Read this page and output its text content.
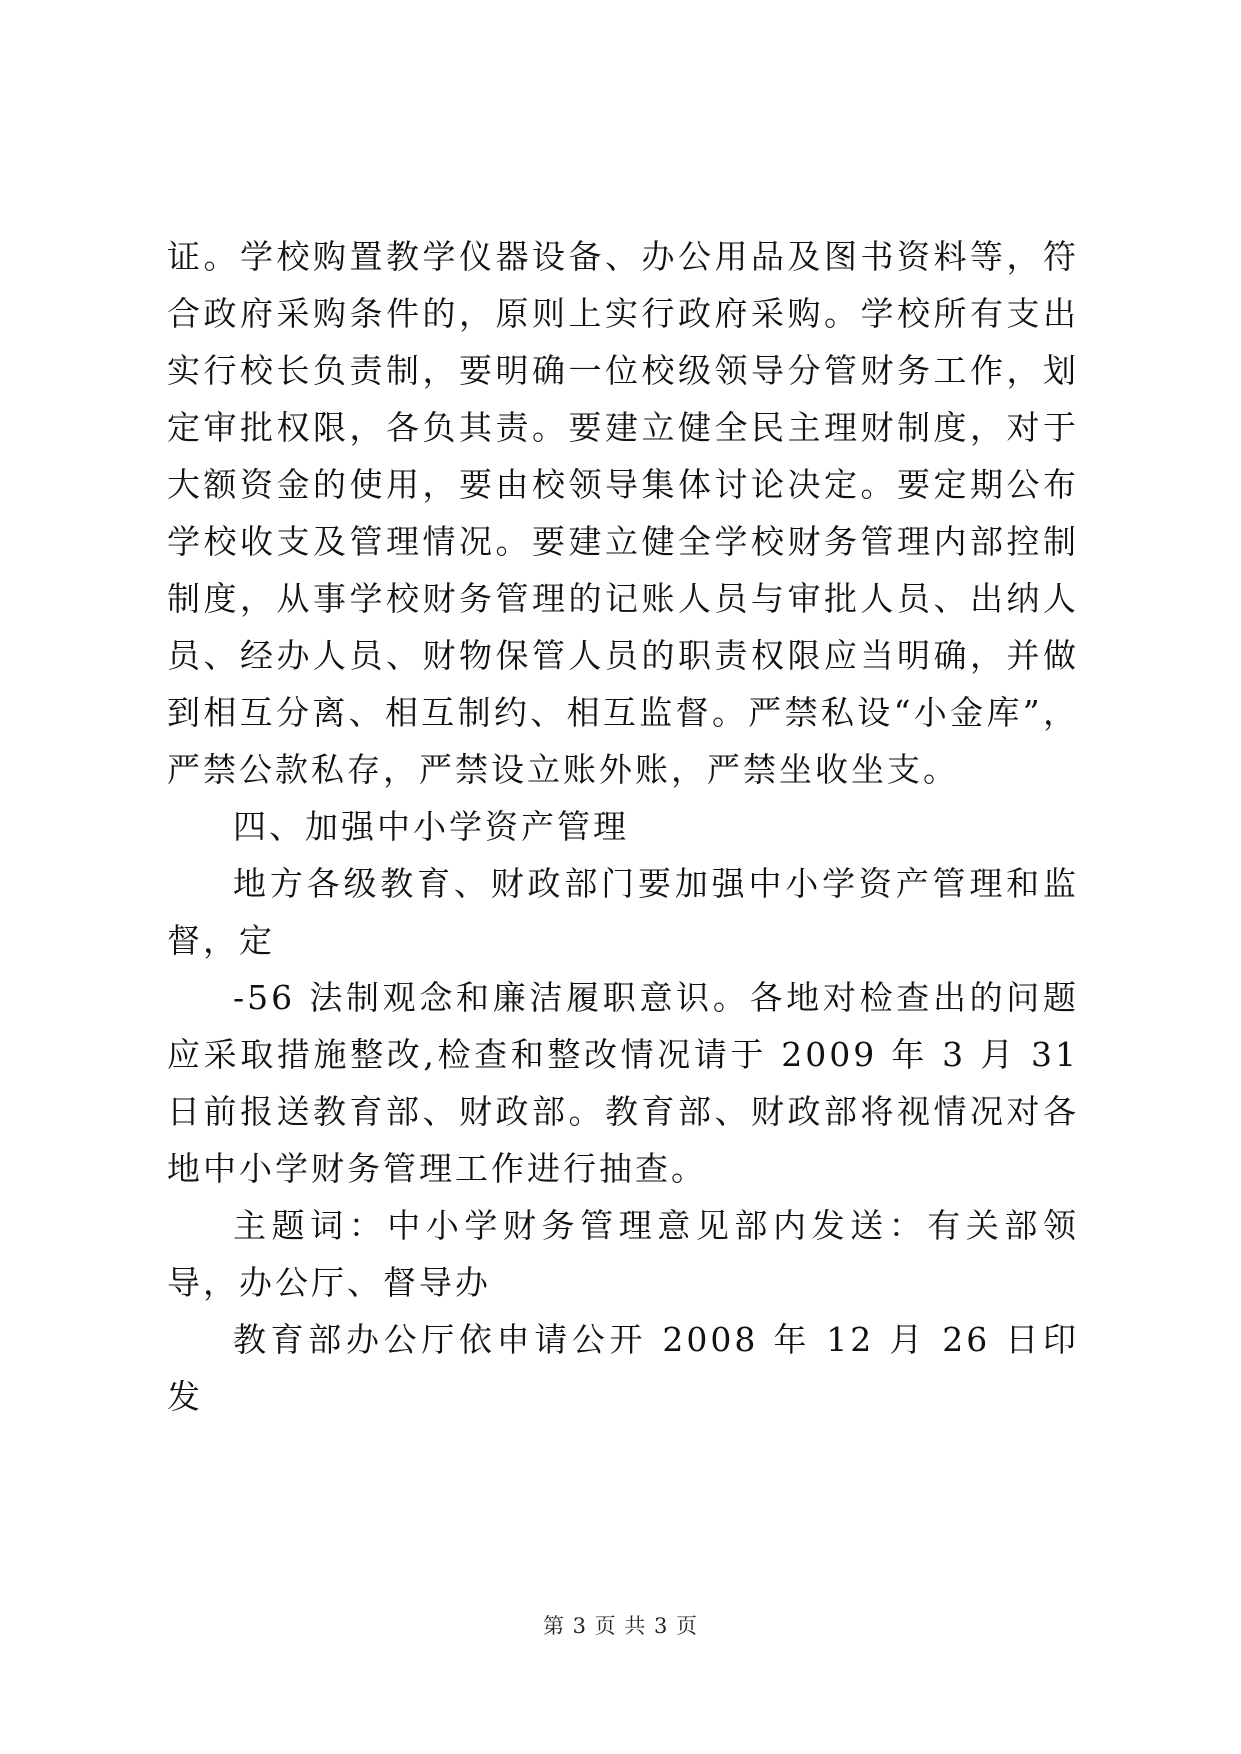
证。学校购置教学仪器设备、办公用品及图书资料等，符合政府采购条件的，原则上实行政府采购。学校所有支出实行校长负责制，要明确一位校级领导分管财务工作，划定审批权限，各负其责。要建立健全民主理财制度，对于大额资金的使用，要由校领导集体讨论决定。要定期公布学校收支及管理情况。要建立健全学校财务管理内部控制制度，从事学校财务管理的记账人员与审批人员、出纳人员、经办人员、财物保管人员的职责权限应当明确，并做到相互分离、相互制约、相互监督。严禁私设“小金库”，严禁公款私存，严禁设立账外账，严禁坐收坐支。

四、加强中小学资产管理

地方各级教育、财政部门要加强中小学资产管理和监督，定

-56 法制观念和廉洁履职意识。各地对检查出的问题应采取措施整改,检查和整改情况请于 2009 年 3 月 31 日前报送教育部、财政部。教育部、财政部将视情况对各地中小学财务管理工作进行抽查。

主题词：中小学财务管理意见部内发送：有关部领导，办公厅、督导办

教育部办公厅依申请公开 2008 年 12 月 26 日印发

第 3 页 共 3 页
